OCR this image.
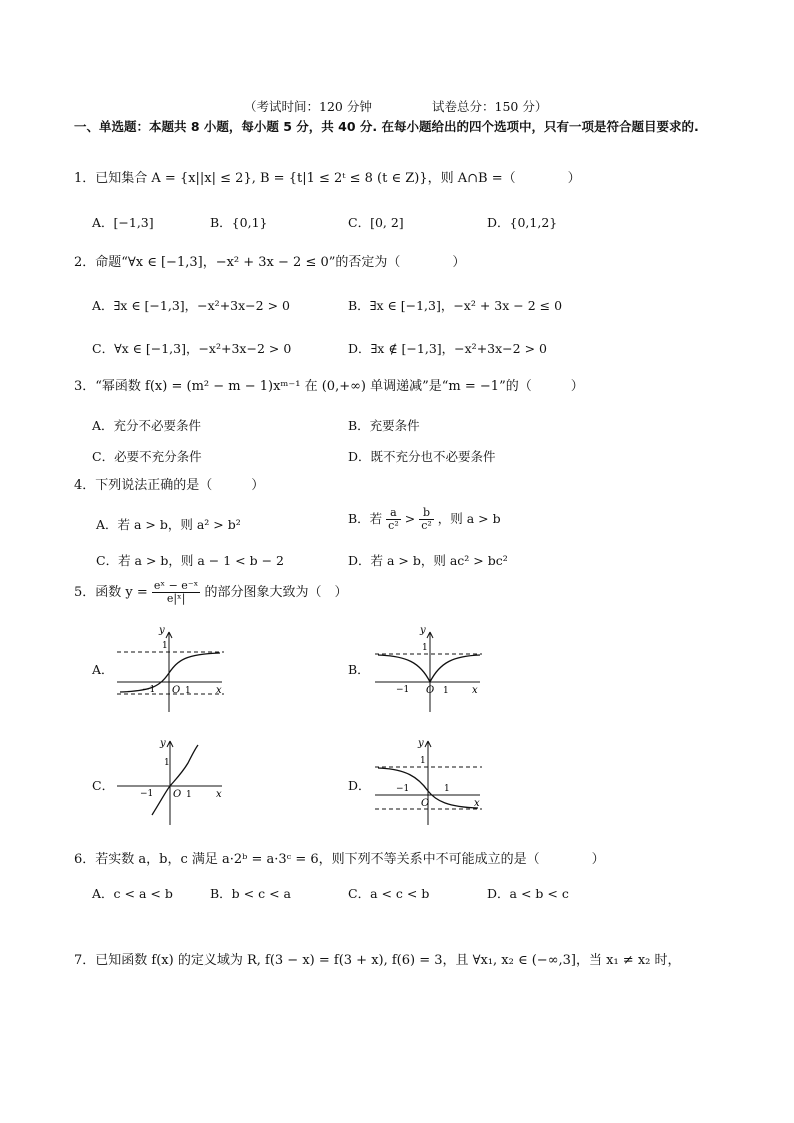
（考试时间：120 分钟	试卷总分：150 分）
一、单选题：本题共 8 小题，每小题 5 分，共 40 分. 在每小题给出的四个选项中，只有一项是符合题目要求的.
1．已知集合 A = {x||x| ≤ 2}, B = {t|1 ≤ 2ᵗ ≤ 8 (t ∈ Z)}，则 A∩B =（　　　　）
A．[−1,3]	B．{0,1}	C．[0, 2]	D．{0,1,2}
2．命题“∀x ∈ [−1,3]，−x² + 3x − 2 ≤ 0”的否定为（　　　　）
A．∃x ∈ [−1,3]，−x²+3x−2 > 0	B．∃x ∈ [−1,3]，−x² + 3x − 2 ≤ 0
C．∀x ∈ [−1,3]，−x²+3x−2 > 0	D．∃x ∉ [−1,3]，−x²+3x−2 > 0
3．“幂函数 f(x) = (m² − m − 1)xᵐ⁻¹ 在 (0,+∞) 单调递减”是“m = −1”的（　　　）
A．充分不必要条件	B．充要条件
C．必要不充分条件	D．既不充分也不必要条件
4．下列说法正确的是（　　　）
A．若 a > b，则 a² > b²	B．若 $\frac{a}{\text{c²}} > \frac{b}{\text{c²}}$ ，则 a > b
C．若 a > b，则 a − 1 < b − 2	D．若 a > b，则 ac² > bc²
5．函数 $y = \frac{\text{eˣ − e⁻ˣ}}{\text{e|ˣ|}}$ 的部分图象大致为（　）
A．
y
1
−1 O 1	x
B．
y
1
−1 O 1 x
C．
y
1
−1 O 1 x
D．
y
1
−1
O
1
x
6．若实数 a，b，c 满足 a·2ᵇ = a·3ᶜ = 6，则下列不等关系中不可能成立的是（　　　　）
A．c < a < b	B．b < c < a	C．a < c < b	D．a < b < c
7．已知函数 f(x) 的定义域为 R, f(3 − x) = f(3 + x), f(6) = 3，且 ∀x₁, x₂ ∈ (−∞,3]，当 x₁ ≠ x₂ 时，
